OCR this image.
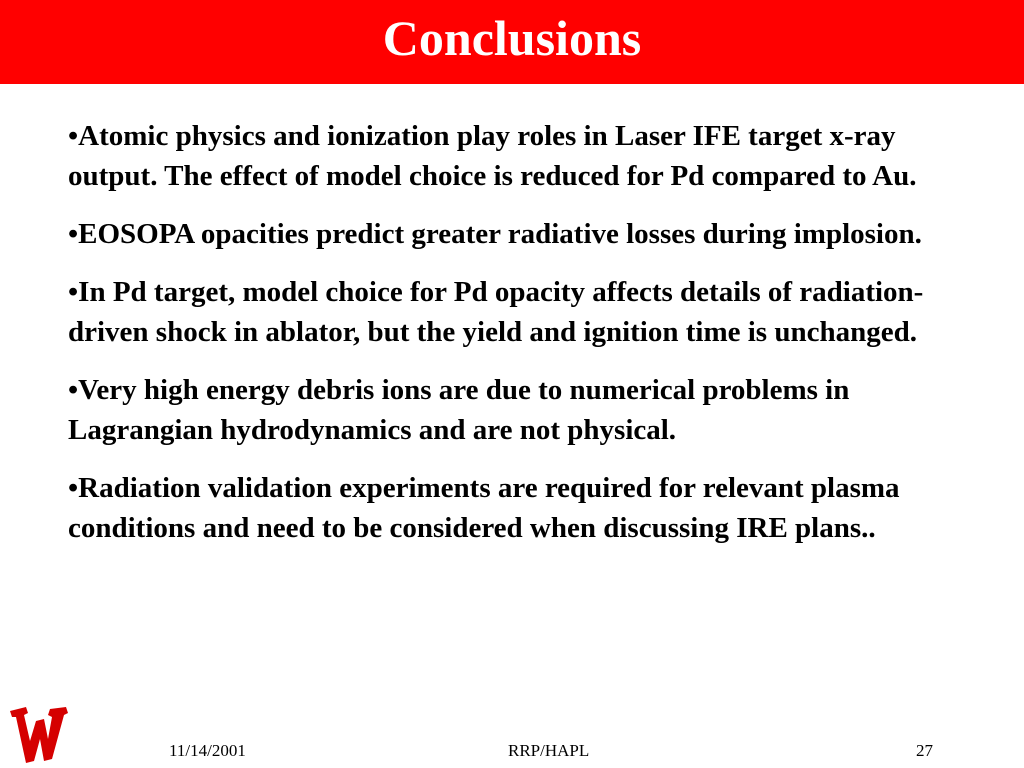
Conclusions
•Atomic physics and ionization play roles in Laser IFE target x-ray output. The effect of model choice is reduced for Pd compared to Au.
•EOSOPA opacities predict greater radiative losses during implosion.
•In Pd target, model choice for Pd opacity affects details of radiation-driven shock in ablator, but the yield and ignition time is unchanged.
•Very high energy debris ions are due to numerical problems in Lagrangian hydrodynamics and are not physical.
•Radiation validation experiments are required for relevant plasma conditions and need to be considered when discussing IRE plans..
11/14/2001	RRP/HAPL	27
